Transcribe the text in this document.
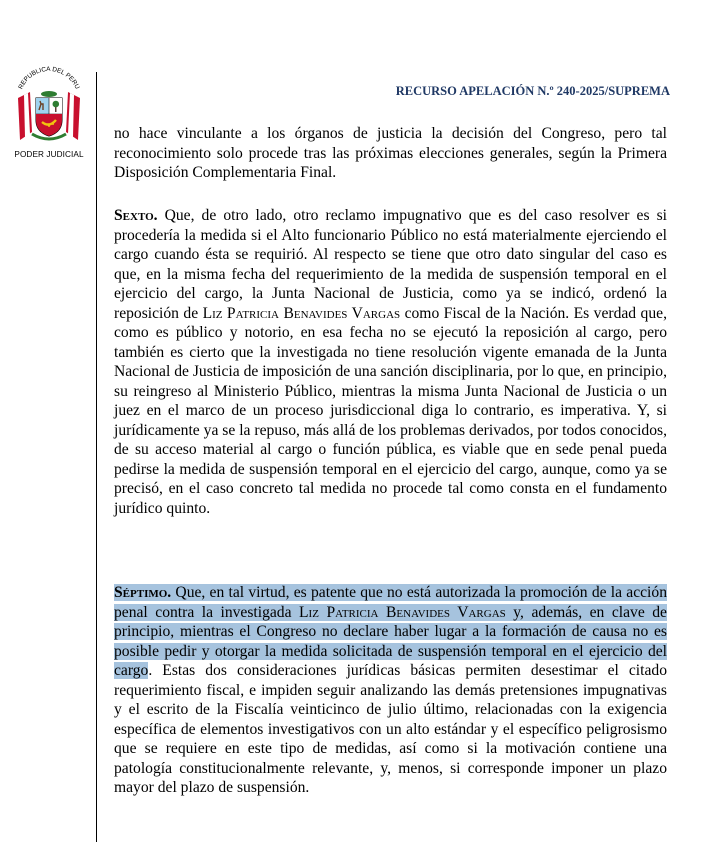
REPUBLICA DEL PERU
PODER JUDICIAL
RECURSO APELACIÓN N.º 240-2025/SUPREMA

no hace vinculante a los órganos de justicia la decisión del Congreso, pero tal reconocimiento solo procede tras las próximas elecciones generales, según la Primera Disposición Complementaria Final.

Sexto. Que, de otro lado, otro reclamo impugnativo que es del caso resolver es si procedería la medida si el Alto funcionario Público no está materialmente ejerciendo el cargo cuando ésta se requirió. Al respecto se tiene que otro dato singular del caso es que, en la misma fecha del requerimiento de la medida de suspensión temporal en el ejercicio del cargo, la Junta Nacional de Justicia, como ya se indicó, ordenó la reposición de Liz Patricia Benavides Vargas como Fiscal de la Nación. Es verdad que, como es público y notorio, en esa fecha no se ejecutó la reposición al cargo, pero también es cierto que la investigada no tiene resolución vigente emanada de la Junta Nacional de Justicia de imposición de una sanción disciplinaria, por lo que, en principio, su reingreso al Ministerio Público, mientras la misma Junta Nacional de Justicia o un juez en el marco de un proceso jurisdiccional diga lo contrario, es imperativa. Y, si jurídicamente ya se la repuso, más allá de los problemas derivados, por todos conocidos, de su acceso material al cargo o función pública, es viable que en sede penal pueda pedirse la medida de suspensión temporal en el ejercicio del cargo, aunque, como ya se precisó, en el caso concreto tal medida no procede tal como consta en el fundamento jurídico quinto.

Séptimo. Que, en tal virtud, es patente que no está autorizada la promoción de la acción penal contra la investigada Liz Patricia Benavides Vargas y, además, en clave de principio, mientras el Congreso no declare haber lugar a la formación de causa no es posible pedir y otorgar la medida solicitada de suspensión temporal en el ejercicio del cargo. Estas dos consideraciones jurídicas básicas permiten desestimar el citado requerimiento fiscal, e impiden seguir analizando las demás pretensiones impugnativas y el escrito de la Fiscalía veinticinco de julio último, relacionadas con la exigencia específica de elementos investigativos con un alto estándar y el específico peligrosismo que se requiere en este tipo de medidas, así como si la motivación contiene una patología constitucionalmente relevante, y, menos, si corresponde imponer un plazo mayor del plazo de suspensión.
